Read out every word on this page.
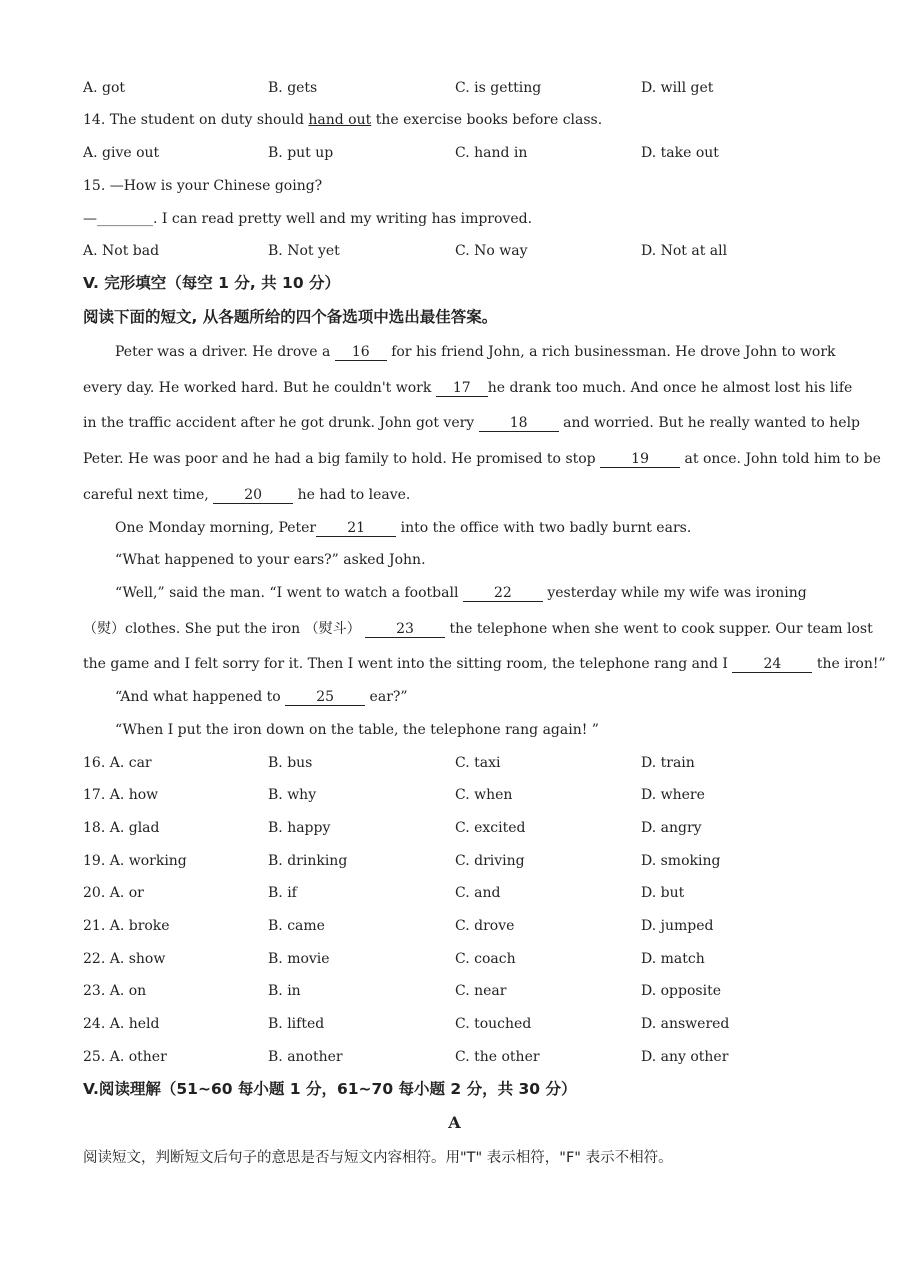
A. got	B. gets	C. is getting	D. will get
14. The student on duty should hand out the exercise books before class.
A. give out	B. put up	C. hand in	D. take out
15. —How is your Chinese going?
—________. I can read pretty well and my writing has improved.
A. Not bad	B. Not yet	C. No way	D. Not at all
V. 完形填空（每空 1 分, 共 10 分）
阅读下面的短文, 从各题所给的四个备选项中选出最佳答案。
Peter was a driver. He drove a 16 for his friend John, a rich businessman. He drove John to work
every day. He worked hard. But he couldn't work 17 he drank too much. And once he almost lost his life
in the traffic accident after he got drunk. John got very 18 and worried. But he really wanted to help
Peter. He was poor and he had a big family to hold. He promised to stop 19 at once. John told him to be
careful next time, 20 he had to leave.
One Monday morning, Peter 21 into the office with two badly burnt ears.
“What happened to your ears?” asked John.
“Well,” said the man. “I went to watch a football 22 yesterday while my wife was ironing
（熨）clothes. She put the iron （熨斗） 23 the telephone when she went to cook supper. Our team lost
the game and I felt sorry for it. Then I went into the sitting room, the telephone rang and I 24 the iron!”
“And what happened to 25 ear?”
“When I put the iron down on the table, the telephone rang again! ”
16. A. car	B. bus	C. taxi	D. train
17. A. how	B. why	C. when	D. where
18. A. glad	B. happy	C. excited	D. angry
19. A. working	B. drinking	C. driving	D. smoking
20. A. or	B. if	C. and	D. but
21. A. broke	B. came	C. drove	D. jumped
22. A. show	B. movie	C. coach	D. match
23. A. on	B. in	C. near	D. opposite
24. A. held	B. lifted	C. touched	D. answered
25. A. other	B. another	C. the other	D. any other
V.阅读理解（51~60 每小题 1 分，61~70 每小题 2 分，共 30 分）
A
阅读短文，判断短文后句子的意思是否与短文内容相符。用"T" 表示相符，"F" 表示不相符。
